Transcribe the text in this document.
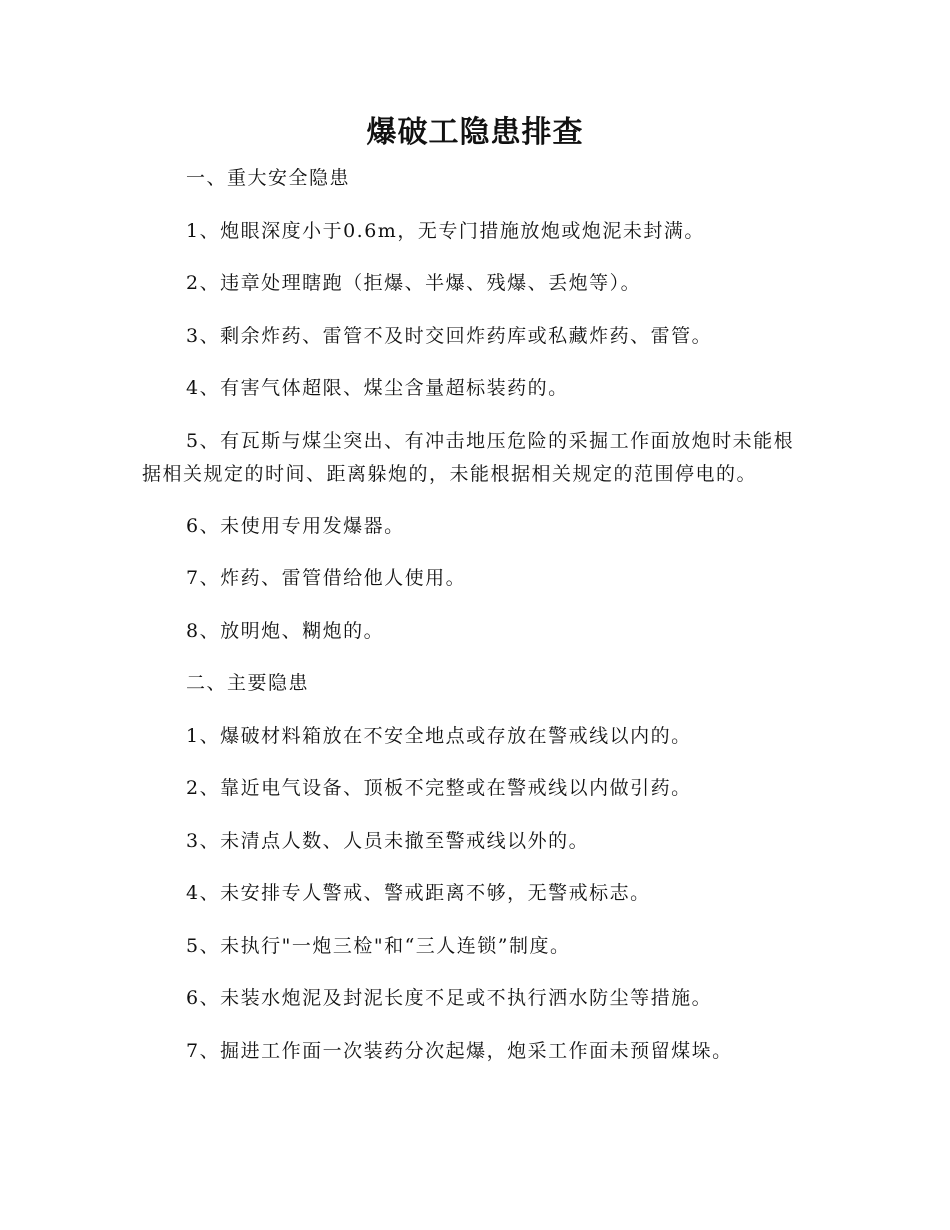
爆破工隐患排查

一、重大安全隐患

1、炮眼深度小于0.6m，无专门措施放炮或炮泥未封满。

2、违章处理瞎跑（拒爆、半爆、残爆、丢炮等）。

3、剩余炸药、雷管不及时交回炸药库或私藏炸药、雷管。

4、有害气体超限、煤尘含量超标装药的。

5、有瓦斯与煤尘突出、有冲击地压危险的采掘工作面放炮时未能根据相关规定的时间、距离躲炮的，未能根据相关规定的范围停电的。

6、未使用专用发爆器。

7、炸药、雷管借给他人使用。

8、放明炮、糊炮的。

二、主要隐患

1、爆破材料箱放在不安全地点或存放在警戒线以内的。

2、靠近电气设备、顶板不完整或在警戒线以内做引药。

3、未清点人数、人员未撤至警戒线以外的。

4、未安排专人警戒、警戒距离不够，无警戒标志。

5、未执行"一炮三检"和“三人连锁”制度。

6、未装水炮泥及封泥长度不足或不执行洒水防尘等措施。

7、掘进工作面一次装药分次起爆，炮采工作面未预留煤垛。
